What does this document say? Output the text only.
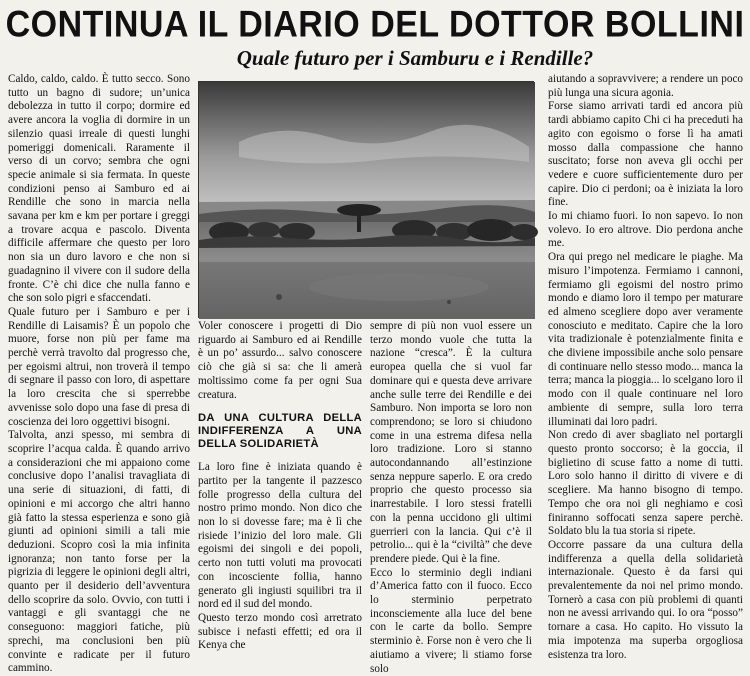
CONTINUA IL DIARIO DEL DOTTOR BOLLINI
Quale futuro per i Samburu e i Rendille?

Caldo, caldo, caldo. È tutto secco. Sono tutto un bagno di sudore; un’unica debolezza in tutto il corpo; dormire ed avere ancora la voglia di dormire in un silenzio quasi irreale di questi lunghi pomeriggi domenicali. Raramente il verso di un corvo; sembra che ogni specie animale si sia fermata. In queste condizioni penso ai Samburo ed ai Rendille che sono in marcia nella savana per km e km per portare i greggi a trovare acqua e pascolo. Diventa difficile affermare che questo per loro non sia un duro lavoro e che non si guadagnino il vivere con il sudore della fronte. C’è chi dice che nulla fanno e che son solo pigri e sfaccendati.

Quale futuro per i Samburo e per i Rendille di Laisamis? È un popolo che muore, forse non più per fame ma perchè verrà travolto dal progresso che, per egoismi altrui, non troverà il tempo di segnare il passo con loro, di aspettare la loro crescita che si sperrebbe avvenisse solo dopo una fase di presa di coscienza dei loro oggettivi bisogni.

Talvolta, anzi spesso, mi sembra di scoprire l’acqua calda. È quando arrivo a considerazioni che mi appaiono come conclusive dopo l’analisi travagliata di una serie di situazioni, di fatti, di opinioni e mi accorgo che altri hanno già fatto la stessa esperienza e sono già giunti ad opinioni simili a tali mie deduzioni. Scopro così la mia infinita ignoranza; non tanto forse per la pigrizia di leggere le opinioni degli altri, quanto per il desiderio dell’avventura dello scoprire da solo. Ovvio, con tutti i vantaggi e gli svantaggi che ne conseguono: maggiori fatiche, più sprechi, ma conclusioni ben più convinte e radicate per il futuro cammino.

Voler conoscere i progetti di Dio riguardo ai Samburo ed ai Rendille è un po’ assurdo... salvo conoscere ciò che già si sa: che li amerà moltissimo come fa per ogni Sua creatura.

DA UNA CULTURA DELLA INDIFFERENZA A UNA DELLA SOLIDARIETÀ

La loro fine è iniziata quando è partito per la tangente il pazzesco folle progresso della cultura del nostro primo mondo. Non dico che non lo si dovesse fare; ma è lì che risiede l’inizio del loro male. Gli egoismi dei singoli e dei popoli, certo non tutti voluti ma provocati con incosciente follia, hanno generato gli ingiusti squilibri tra il nord ed il sud del mondo.

Questo terzo mondo così arretrato subisce i nefasti effetti; ed ora il Kenya che

sempre di più non vuol essere un terzo mondo vuole che tutta la nazione “cresca”. È la cultura europea quella che si vuol far dominare qui e questa deve arrivare anche sulle terre dei Rendille e dei Samburo. Non importa se loro non comprendono; se loro si chiudono come in una estrema difesa nella loro tradizione. Loro si stanno autocondannando all’estinzione senza neppure saperlo. E ora credo proprio che questo processo sia inarrestabile. I loro stessi fratelli con la penna uccidono gli ultimi guerrieri con la lancia. Qui c’è il petrolio... qui è la “civiltà” che deve prendere piede. Qui è la fine.

Ecco lo sterminio degli indiani d’America fatto con il fuoco. Ecco lo sterminio perpetrato inconsciemente alla luce del bene con le carte da bollo. Sempre sterminio è. Forse non è vero che li aiutiamo a vivere; li stiamo forse solo

aiutando a sopravvivere; a rendere un poco più lunga una sicura agonia.

Forse siamo arrivati tardi ed ancora più tardi abbiamo capito Chi ci ha preceduti ha agito con egoismo o forse lì ha amati mosso dalla compassione che hanno suscitato; forse non aveva gli occhi per vedere e cuore sufficientemente duro per capire. Dio ci perdoni; oa è iniziata la loro fine.

Io mi chiamo fuori. Io non sapevo. Io non volevo. Io ero altrove. Dio perdona anche me.

Ora qui prego nel medicare le piaghe. Ma misuro l’impotenza. Fermiamo i cannoni, fermiamo gli egoismi del nostro primo mondo e diamo loro il tempo per maturare ed almeno scegliere dopo aver veramente conosciuto e meditato. Capire che la loro vita tradizionale è potenzialmente finita e che diviene impossibile anche solo pensare di continuare nello stesso modo... manca la terra; manca la pioggia... lo scelgano loro il modo con il quale continuare nel loro ambiente di sempre, sulla loro terra illuminati dai loro padri.

Non credo di aver sbagliato nel portargli questo pronto soccorso; è la goccia, il biglietino di scuse fatto a nome di tutti. Loro solo hanno il diritto di vivere e di scegliere. Ma hanno bisogno di tempo. Tempo che ora noi gli neghiamo e così finiranno soffocati senza sapere perchè. Soldato blu la tua storia si ripete.

Occorre passare da una cultura della indifferenza a quella della solidarietà internazionale. Questo è da farsi qui prevalentemente da noi nel primo mondo. Tornerò a casa con più problemi di quanti non ne avessi arrivando qui. Io ora “posso” tornare a casa. Ho capito. Ho vissuto la mia impotenza ma superba orgogliosa esistenza tra loro.
